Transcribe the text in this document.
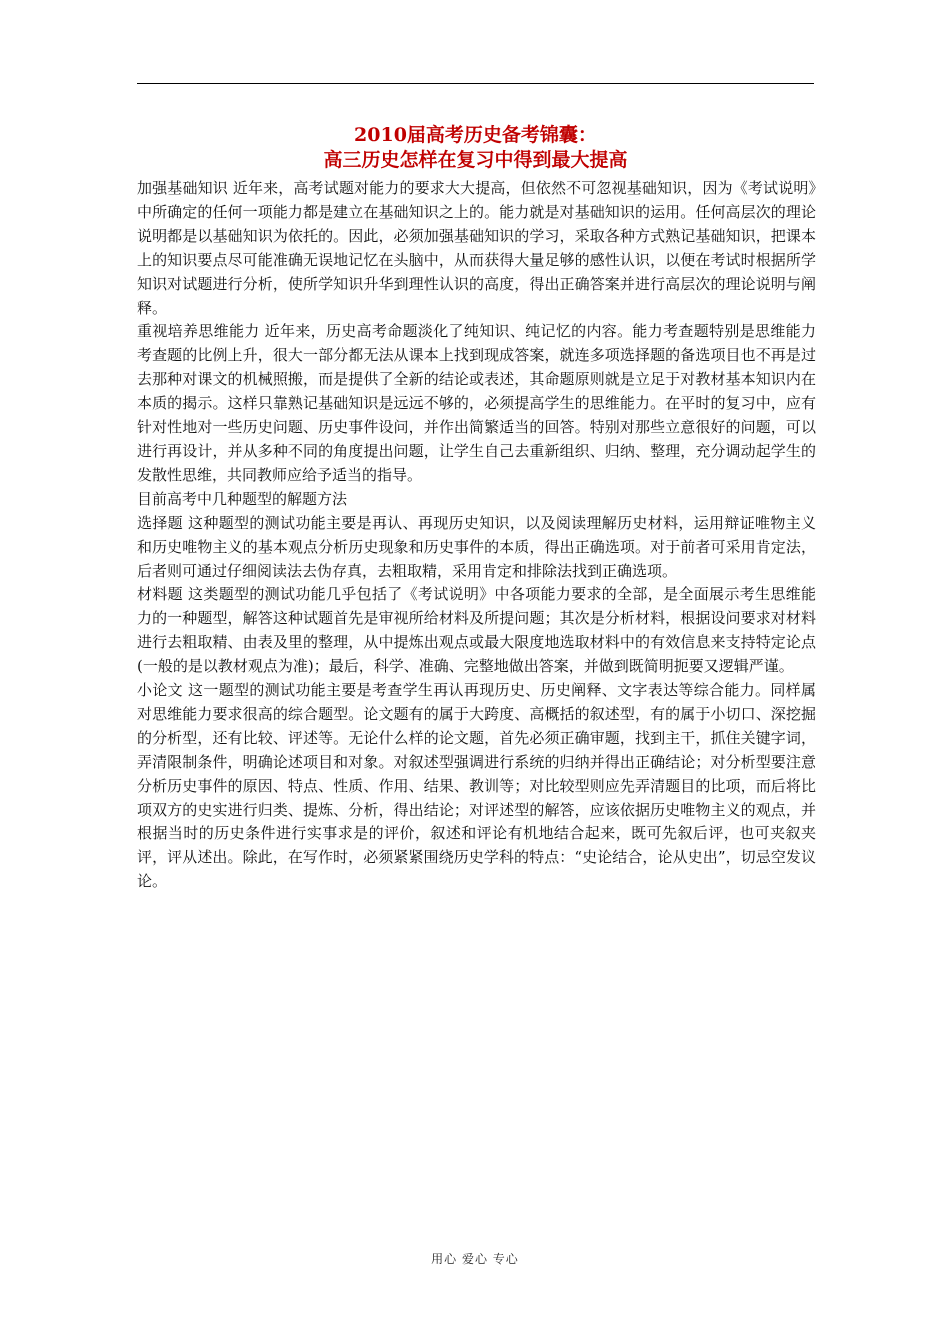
2010届高考历史备考锦囊：
高三历史怎样在复习中得到最大提高

加强基础知识 近年来，高考试题对能力的要求大大提高，但依然不可忽视基础知识，因为《考试说明》中所确定的任何一项能力都是建立在基础知识之上的。能力就是对基础知识的运用。任何高层次的理论说明都是以基础知识为依托的。因此，必须加强基础知识的学习，采取各种方式熟记基础知识，把课本上的知识要点尽可能准确无误地记忆在头脑中，从而获得大量足够的感性认识，以便在考试时根据所学知识对试题进行分析，使所学知识升华到理性认识的高度，得出正确答案并进行高层次的理论说明与阐释。

重视培养思维能力 近年来，历史高考命题淡化了纯知识、纯记忆的内容。能力考查题特别是思维能力考查题的比例上升，很大一部分都无法从课本上找到现成答案，就连多项选择题的备选项目也不再是过去那种对课文的机械照搬，而是提供了全新的结论或表述，其命题原则就是立足于对教材基本知识内在本质的揭示。这样只靠熟记基础知识是远远不够的，必须提高学生的思维能力。在平时的复习中，应有针对性地对一些历史问题、历史事件设问，并作出简繁适当的回答。特别对那些立意很好的问题，可以进行再设计，并从多种不同的角度提出问题，让学生自己去重新组织、归纳、整理，充分调动起学生的发散性思维，共同教师应给予适当的指导。

目前高考中几种题型的解题方法

选择题 这种题型的测试功能主要是再认、再现历史知识，以及阅读理解历史材料，运用辩证唯物主义和历史唯物主义的基本观点分析历史现象和历史事件的本质，得出正确选项。对于前者可采用肯定法，后者则可通过仔细阅读法去伪存真，去粗取精，采用肯定和排除法找到正确选项。

材料题 这类题型的测试功能几乎包括了《考试说明》中各项能力要求的全部，是全面展示考生思维能力的一种题型，解答这种试题首先是审视所给材料及所提问题；其次是分析材料，根据设问要求对材料进行去粗取精、由表及里的整理，从中提炼出观点或最大限度地选取材料中的有效信息来支持特定论点(一般的是以教材观点为准)；最后，科学、准确、完整地做出答案，并做到既简明扼要又逻辑严谨。

小论文 这一题型的测试功能主要是考查学生再认再现历史、历史阐释、文字表达等综合能力。同样属对思维能力要求很高的综合题型。论文题有的属于大跨度、高概括的叙述型，有的属于小切口、深挖掘的分析型，还有比较、评述等。无论什么样的论文题，首先必须正确审题，找到主干，抓住关键字词，弄清限制条件，明确论述项目和对象。对叙述型强调进行系统的归纳并得出正确结论；对分析型要注意分析历史事件的原因、特点、性质、作用、结果、教训等；对比较型则应先弄清题目的比项，而后将比项双方的史实进行归类、提炼、分析，得出结论；对评述型的解答，应该依据历史唯物主义的观点，并根据当时的历史条件进行实事求是的评价，叙述和评论有机地结合起来，既可先叙后评，也可夹叙夹评，评从述出。除此，在写作时，必须紧紧围绕历史学科的特点：“史论结合，论从史出”，切忌空发议论。

用心 爱心 专心
